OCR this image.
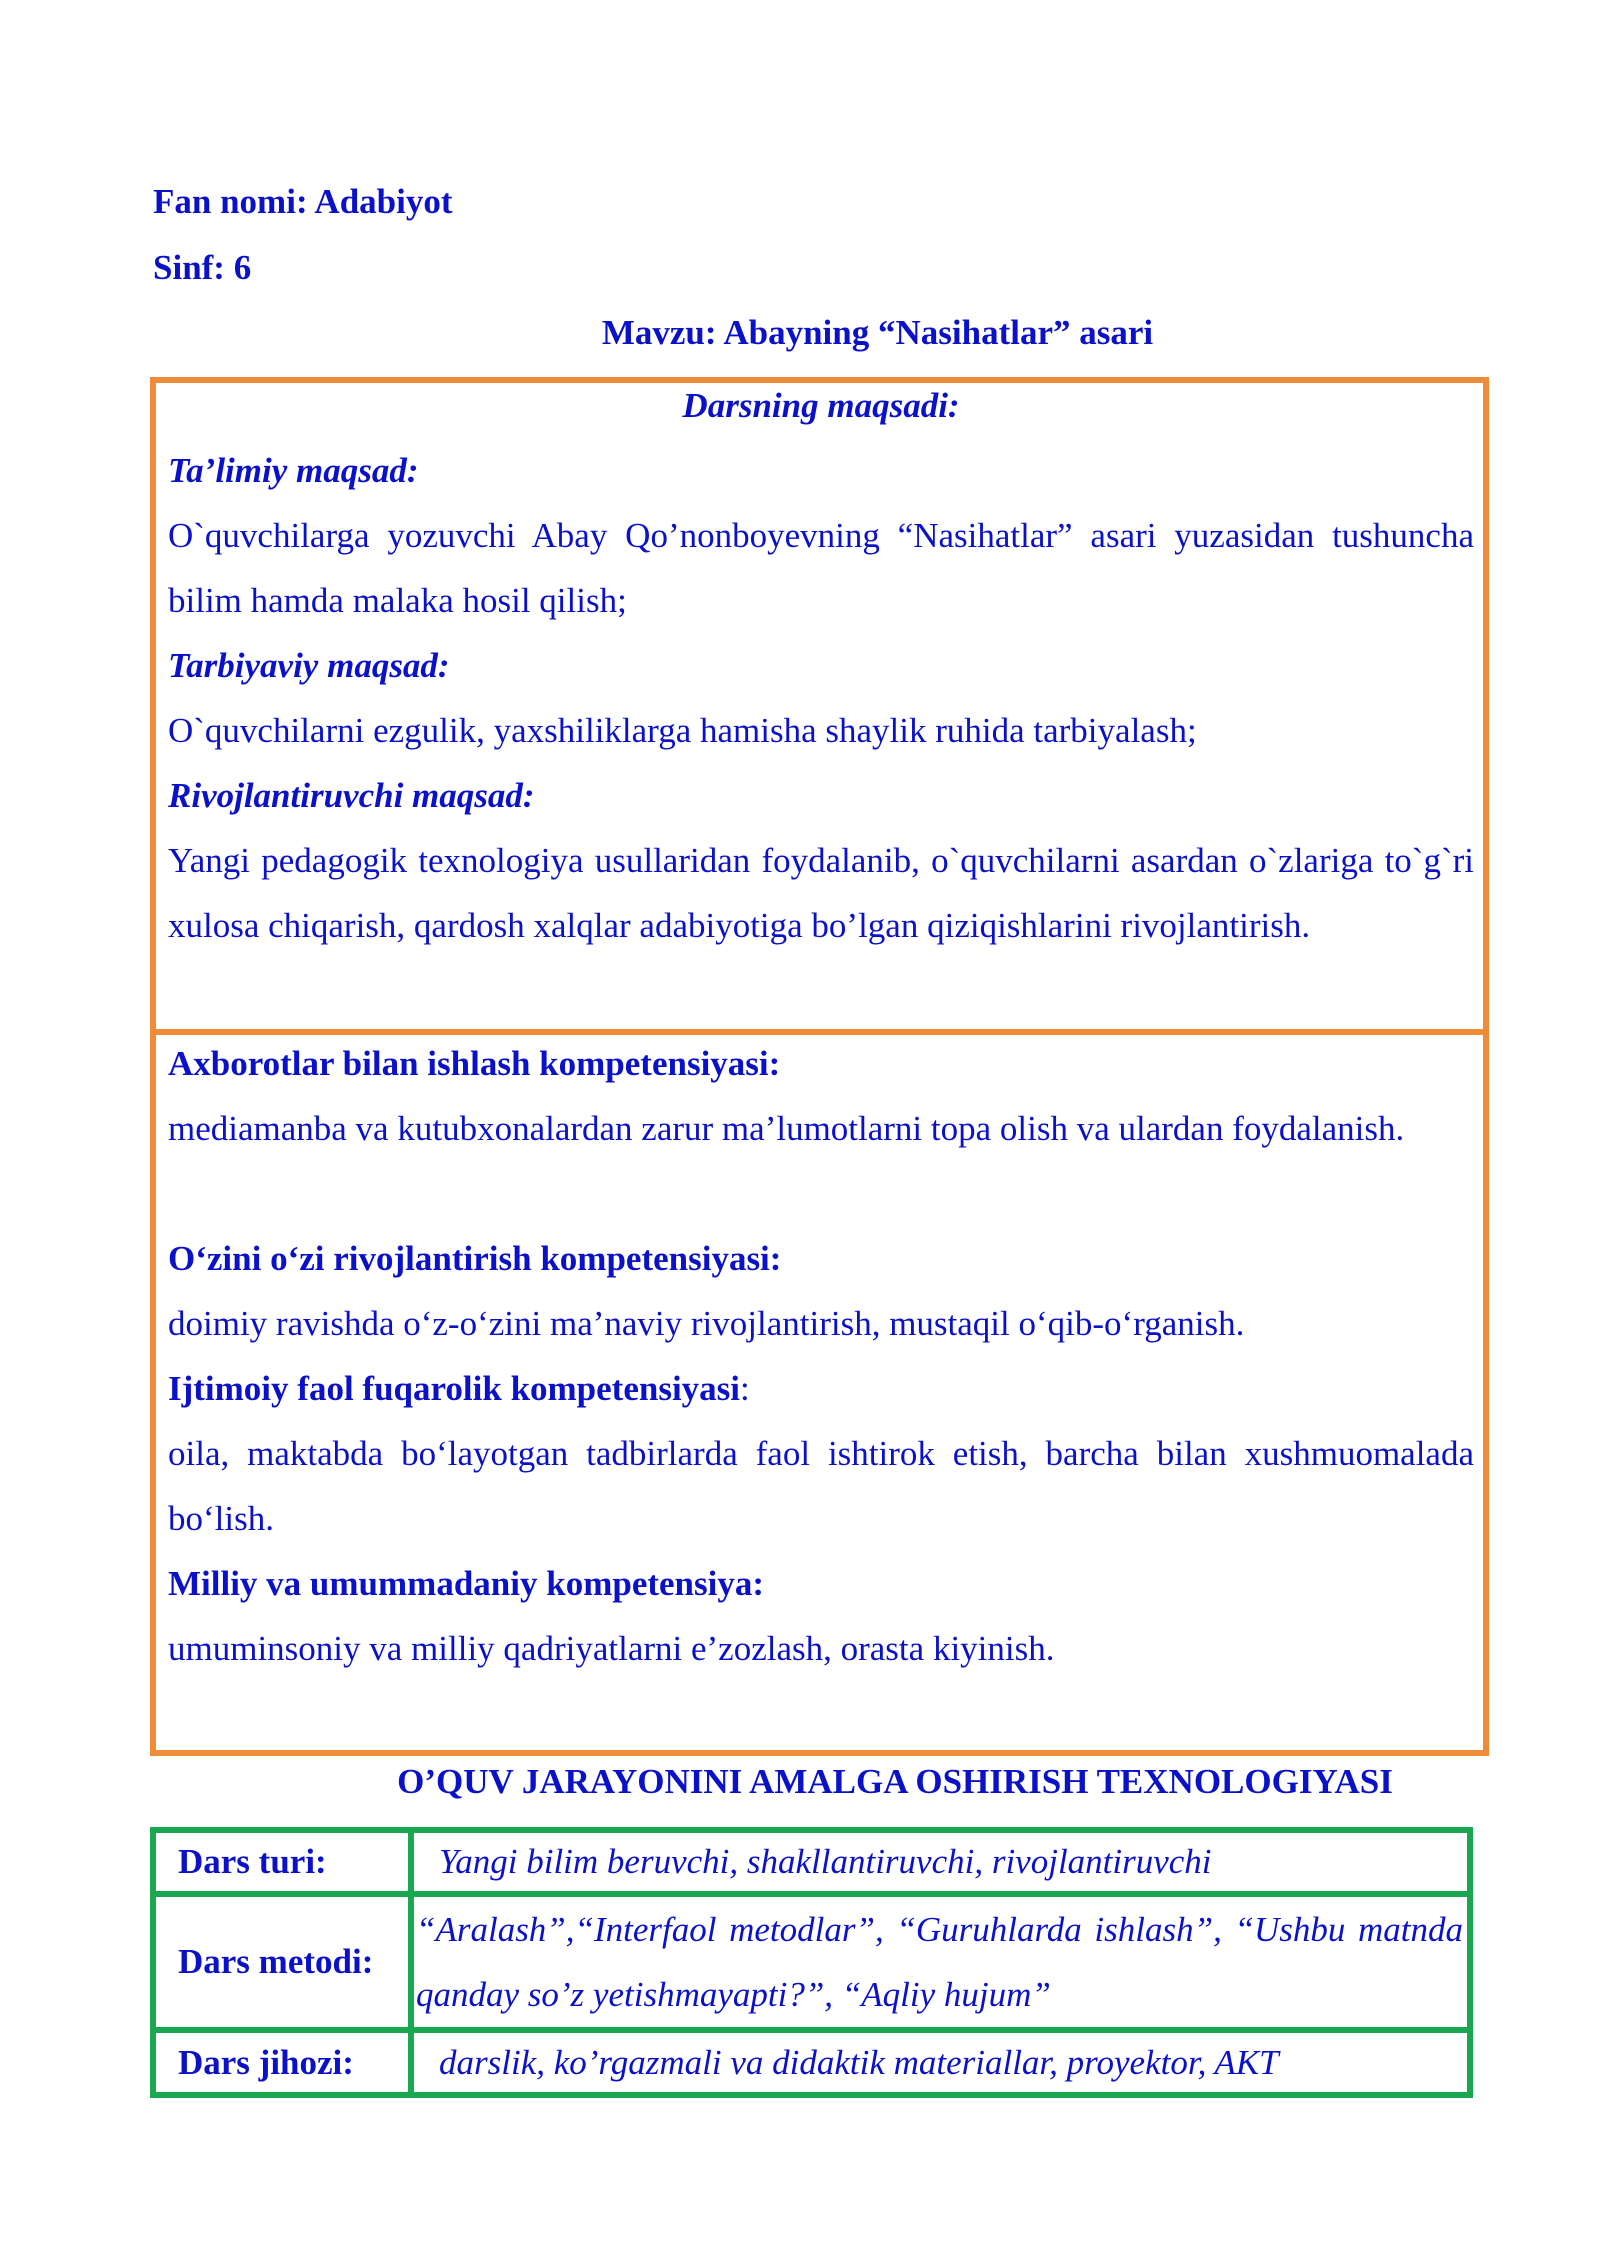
Fan nomi: Adabiyot
Sinf: 6
Mavzu: Abayning “Nasihatlar” asari
Darsning maqsadi:
Ta’limiy maqsad:
O`quvchilarga yozuvchi Abay Qo’nonboyevning “Nasihatlar” asari yuzasidan tushuncha bilim hamda malaka hosil qilish;
Tarbiyaviy maqsad:
O`quvchilarni ezgulik, yaxshiliklarga hamisha shaylik ruhida tarbiyalash;
Rivojlantiruvchi maqsad:
Yangi pedagogik texnologiya usullaridan foydalanib, o`quvchilarni asardan o`zlariga to`g`ri xulosa chiqarish, qardosh xalqlar adabiyotiga bo’lgan qiziqishlarini rivojlantirish.
Axborotlar bilan ishlash kompetensiyasi:
mediamanba va kutubxonalardan zarur ma’lumotlarni topa olish va ulardan foydalanish.
O‘zini o‘zi rivojlantirish kompetensiyasi:
doimiy ravishda o‘z-o‘zini ma’naviy rivojlantirish, mustaqil o‘qib-o‘rganish.
Ijtimoiy faol fuqarolik kompetensiyasi:
oila, maktabda bo‘layotgan tadbirlarda faol ishtirok etish, barcha bilan xushmuomalada bo‘lish.
Milliy va umummadaniy kompetensiya:
umuminsoniy va milliy qadriyatlarni e’zozlash, orasta kiyinish.
O’QUV JARAYONINI AMALGA OSHIRISH TEXNOLOGIYASI
Dars turi:	Yangi bilim beruvchi, shakllantiruvchi, rivojlantiruvchi
Dars metodi:	“Aralash”,“Interfaol metodlar”, “Guruhlarda ishlash”, “Ushbu matnda qanday so’z yetishmayapti?”, “Aqliy hujum”
Dars jihozi:	darslik, ko’rgazmali va didaktik materiallar, proyektor, AKT
